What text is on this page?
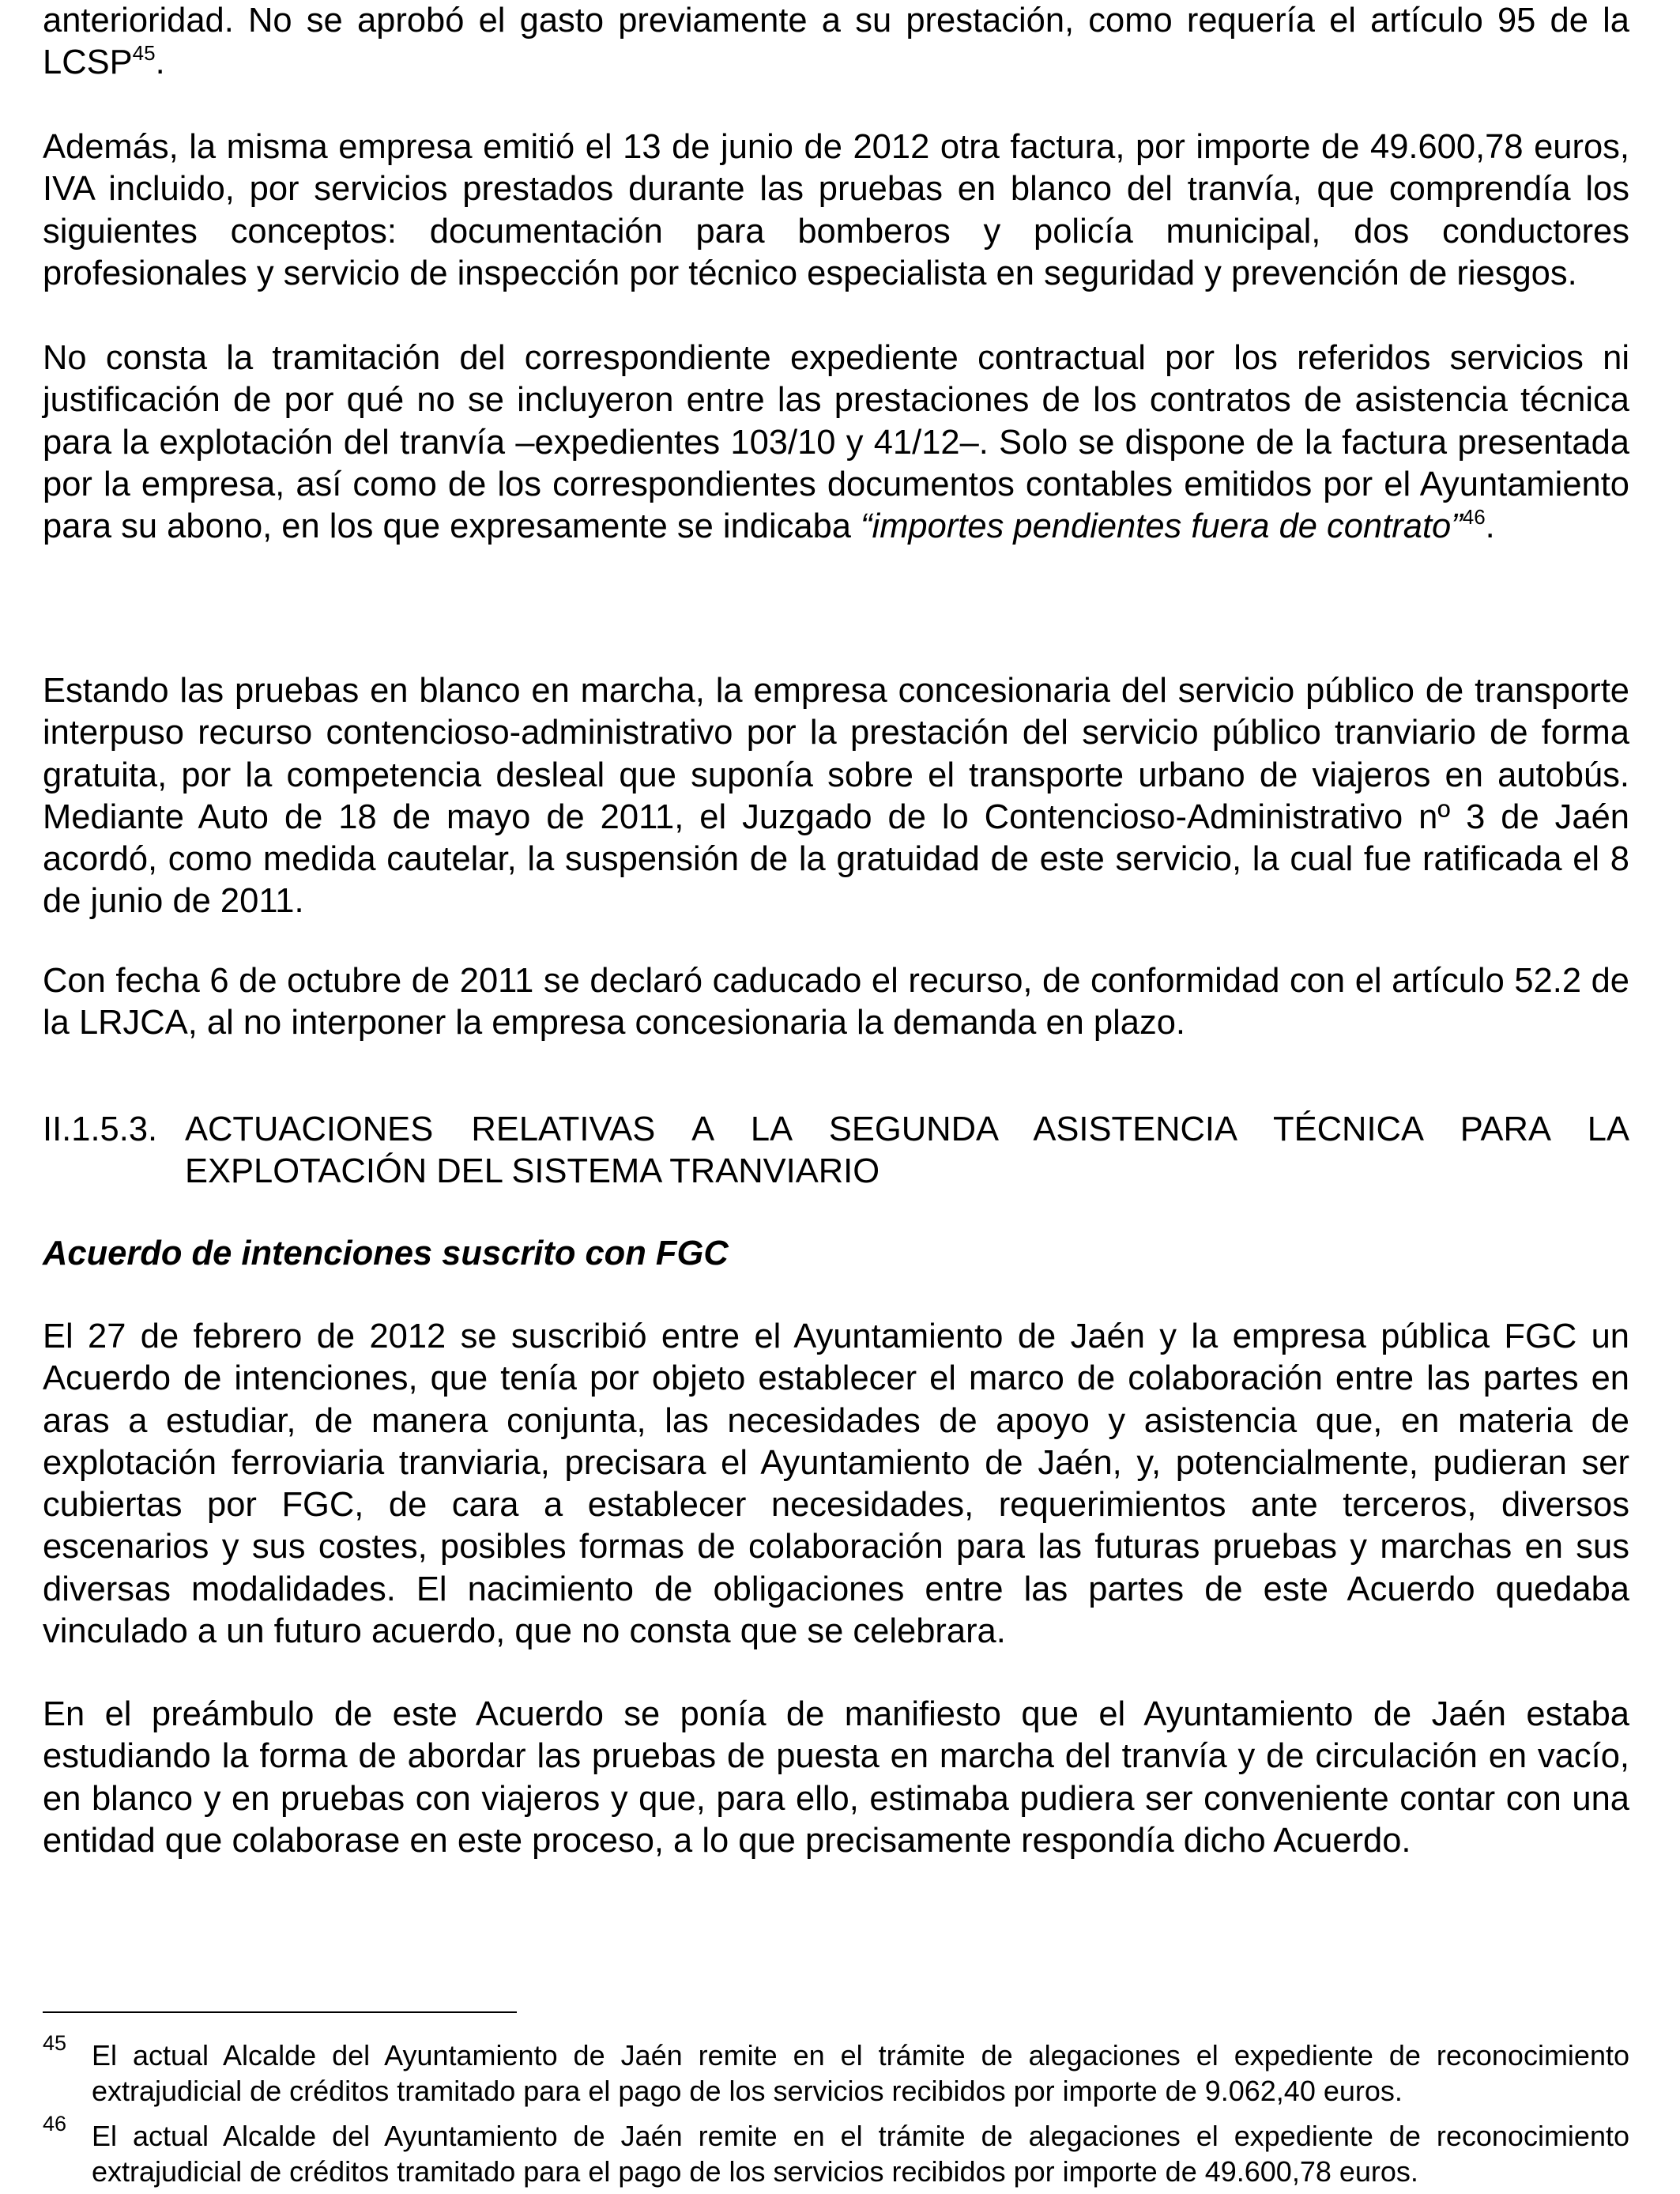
anterioridad. No se aprobó el gasto previamente a su prestación, como requería el artículo 95 de la LCSP$^{45}$.

Además, la misma empresa emitió el 13 de junio de 2012 otra factura, por importe de 49.600,78 euros, IVA incluido, por servicios prestados durante las pruebas en blanco del tranvía, que comprendía los siguientes conceptos: documentación para bomberos y policía municipal, dos conductores profesionales y servicio de inspección por técnico especialista en seguridad y prevención de riesgos.

No consta la tramitación del correspondiente expediente contractual por los referidos servicios ni justificación de por qué no se incluyeron entre las prestaciones de los contratos de asistencia técnica para la explotación del tranvía –expedientes 103/10 y 41/12–. Solo se dispone de la factura presentada por la empresa, así como de los correspondientes documentos contables emitidos por el Ayuntamiento para su abono, en los que expresamente se indicaba “importes pendientes fuera de contrato”$^{46}$.

Estando las pruebas en blanco en marcha, la empresa concesionaria del servicio público de transporte interpuso recurso contencioso-administrativo por la prestación del servicio público tranviario de forma gratuita, por la competencia desleal que suponía sobre el transporte urbano de viajeros en autobús. Mediante Auto de 18 de mayo de 2011, el Juzgado de lo Contencioso-Administrativo nº 3 de Jaén acordó, como medida cautelar, la suspensión de la gratuidad de este servicio, la cual fue ratificada el 8 de junio de 2011.

Con fecha 6 de octubre de 2011 se declaró caducado el recurso, de conformidad con el artículo 52.2 de la LRJCA, al no interponer la empresa concesionaria la demanda en plazo.

II.1.5.3. ACTUACIONES RELATIVAS A LA SEGUNDA ASISTENCIA TÉCNICA PARA LA EXPLOTACIÓN DEL SISTEMA TRANVIARIO
Acuerdo de intenciones suscrito con FGC

El 27 de febrero de 2012 se suscribió entre el Ayuntamiento de Jaén y la empresa pública FGC un Acuerdo de intenciones, que tenía por objeto establecer el marco de colaboración entre las partes en aras a estudiar, de manera conjunta, las necesidades de apoyo y asistencia que, en materia de explotación ferroviaria tranviaria, precisara el Ayuntamiento de Jaén, y, potencialmente, pudieran ser cubiertas por FGC, de cara a establecer necesidades, requerimientos ante terceros, diversos escenarios y sus costes, posibles formas de colaboración para las futuras pruebas y marchas en sus diversas modalidades. El nacimiento de obligaciones entre las partes de este Acuerdo quedaba vinculado a un futuro acuerdo, que no consta que se celebrara.

En el preámbulo de este Acuerdo se ponía de manifiesto que el Ayuntamiento de Jaén estaba estudiando la forma de abordar las pruebas de puesta en marcha del tranvía y de circulación en vacío, en blanco y en pruebas con viajeros y que, para ello, estimaba pudiera ser conveniente contar con una entidad que colaborase en este proceso, a lo que precisamente respondía dicho Acuerdo.

45 El actual Alcalde del Ayuntamiento de Jaén remite en el trámite de alegaciones el expediente de reconocimiento extrajudicial de créditos tramitado para el pago de los servicios recibidos por importe de 9.062,40 euros.
46 El actual Alcalde del Ayuntamiento de Jaén remite en el trámite de alegaciones el expediente de reconocimiento extrajudicial de créditos tramitado para el pago de los servicios recibidos por importe de 49.600,78 euros.
